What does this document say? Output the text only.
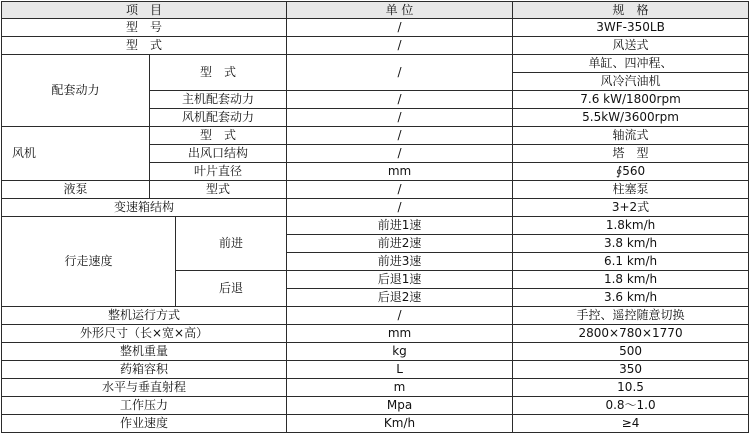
项　目			单 位	规　格
型　号			/	3WF-350LB
型　式			/	风送式
配套动力	型　式		/	单缸、四冲程、
				风冷汽油机
	主机配套动力		/	7.6 kW/1800rpm
	风机配套动力		/	5.5kW/3600rpm
风机	型　式		/	轴流式
	出风口结构		/	塔　型
	叶片直径		mm	∮560
液泵	型式		/	柱塞泵
变速箱结构			/	3+2式
行走速度		前进	前进1速	1.8km/h
			前进2速	3.8 km/h
			前进3速	6.1 km/h
		后退	后退1速	1.8 km/h
			后退2速	3.6 km/h
整机运行方式			/	手控、遥控随意切换
外形尺寸（长×宽×高）			mm	2800×780×1770
整机重量			kg	500
药箱容积			L	350
水平与垂直射程			m	10.5
工作压力			Mpa	0.8～1.0
作业速度			Km/h	≥4
